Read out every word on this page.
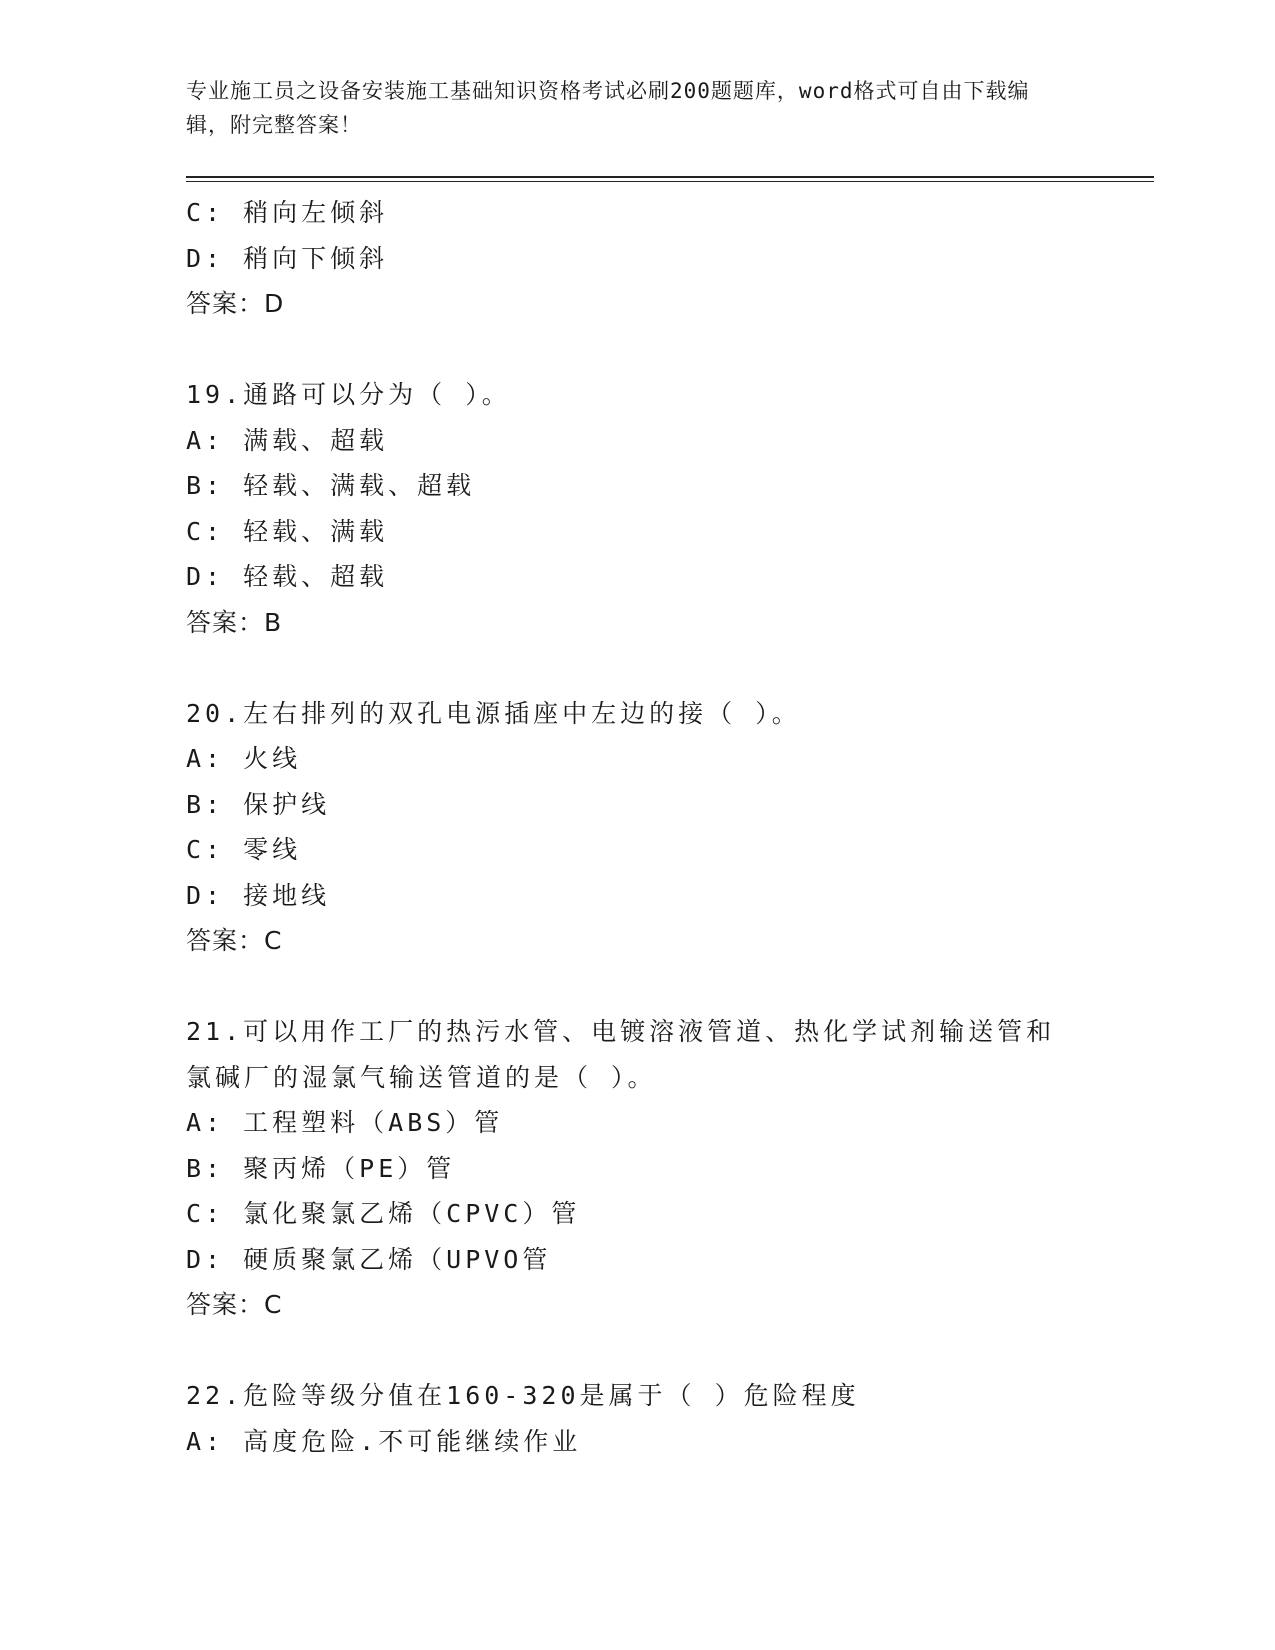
专业施工员之设备安装施工基础知识资格考试必刷200题题库，word格式可自由下载编辑，附完整答案！
C: 稍向左倾斜
D: 稍向下倾斜
答案：D
19.通路可以分为（ ）。
A: 满载、超载
B: 轻载、满载、超载
C: 轻载、满载
D: 轻载、超载
答案：B
20.左右排列的双孔电源插座中左边的接（ ）。
A: 火线
B: 保护线
C: 零线
D: 接地线
答案：C
21.可以用作工厂的热污水管、电镀溶液管道、热化学试剂输送管和氯碱厂的湿氯气输送管道的是（ ）。
A: 工程塑料（ABS）管
B: 聚丙烯（PE）管
C: 氯化聚氯乙烯（CPVC）管
D: 硬质聚氯乙烯（UPVO管
答案：C
22.危险等级分值在160-320是属于（ ）危险程度
A: 高度危险.不可能继续作业
